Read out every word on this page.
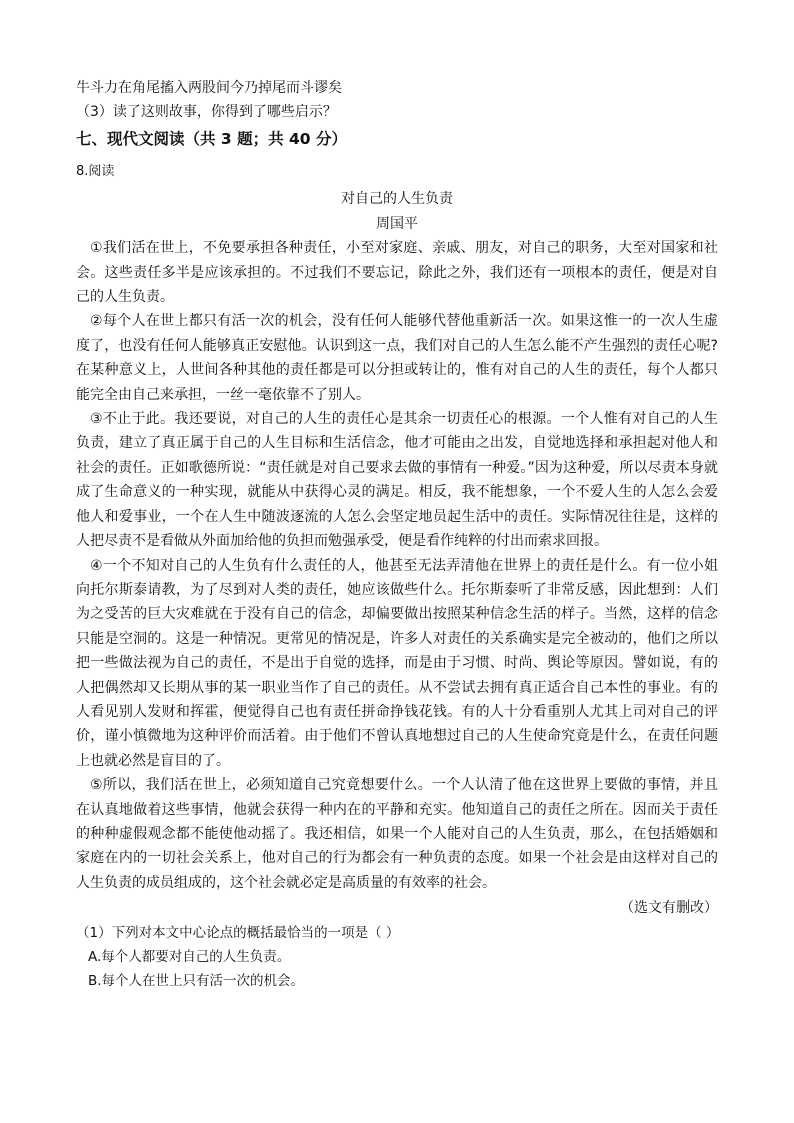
牛斗力在角尾搐入两股间今乃掉尾而斗谬矣

（3）读了这则故事，你得到了哪些启示？

七、现代文阅读（共 3 题；共 40 分）

8.阅读

对自己的人生负责

周国平

①我们活在世上，不免要承担各种责任，小至对家庭、亲戚、朋友，对自己的职务，大至对国家和社会。这些责任多半是应该承担的。不过我们不要忘记，除此之外，我们还有一项根本的责任，便是对自己的人生负责。

②每个人在世上都只有活一次的机会，没有任何人能够代替他重新活一次。如果这惟一的一次人生虚度了，也没有任何人能够真正安慰他。认识到这一点，我们对自己的人生怎么能不产生强烈的责任心呢?在某种意义上，人世间各种其他的责任都是可以分担或转让的，惟有对自己的人生的责任，每个人都只能完全由自己来承担，一丝一毫依靠不了别人。

③不止于此。我还要说，对自己的人生的责任心是其余一切责任心的根源。一个人惟有对自己的人生负责，建立了真正属于自己的人生目标和生活信念，他才可能由之出发，自觉地选择和承担起对他人和社会的责任。正如歌德所说：“责任就是对自己要求去做的事情有一种爱。”因为这种爱，所以尽责本身就成了生命意义的一种实现，就能从中获得心灵的满足。相反，我不能想象，一个不爱人生的人怎么会爱他人和爱事业，一个在人生中随波逐流的人怎么会坚定地员起生活中的责任。实际情况往往是，这样的人把尽责不是看做从外面加给他的负担而勉强承受，便是看作纯粹的付出而索求回报。

④一个不知对自己的人生负有什么责任的人，他甚至无法弄清他在世界上的责任是什么。有一位小姐向托尔斯泰请教，为了尽到对人类的责任，她应该做些什么。托尔斯泰听了非常反感，因此想到：人们为之受苦的巨大灾难就在于没有自己的信念，却偏要做出按照某种信念生活的样子。当然，这样的信念只能是空洞的。这是一种情况。更常见的情况是，许多人对责任的关系确实是完全被动的，他们之所以把一些做法视为自己的责任，不是出于自觉的选择，而是由于习惯、时尚、舆论等原因。譬如说，有的人把偶然却又长期从事的某一职业当作了自己的责任。从不尝试去拥有真正适合自己本性的事业。有的人看见别人发财和挥霍，便觉得自己也有责任拼命挣钱花钱。有的人十分看重别人尤其上司对自己的评价，谨小慎微地为这种评价而活着。由于他们不曾认真地想过自己的人生使命究竟是什么，在责任问题上也就必然是盲目的了。

⑤所以，我们活在世上，必须知道自己究竟想要什么。一个人认清了他在这世界上要做的事情，并且在认真地做着这些事情，他就会获得一种内在的平静和充实。他知道自己的责任之所在。因而关于责任的种种虚假观念都不能使他动摇了。我还相信，如果一个人能对自己的人生负责，那么，在包括婚姻和家庭在内的一切社会关系上，他对自己的行为都会有一种负责的态度。如果一个社会是由这样对自己的人生负责的成员组成的，这个社会就必定是高质量的有效率的社会。

（选文有删改）

（1）下列对本文中心论点的概括最恰当的一项是（ ）

A.每个人都要对自己的人生负责。

B.每个人在世上只有活一次的机会。
